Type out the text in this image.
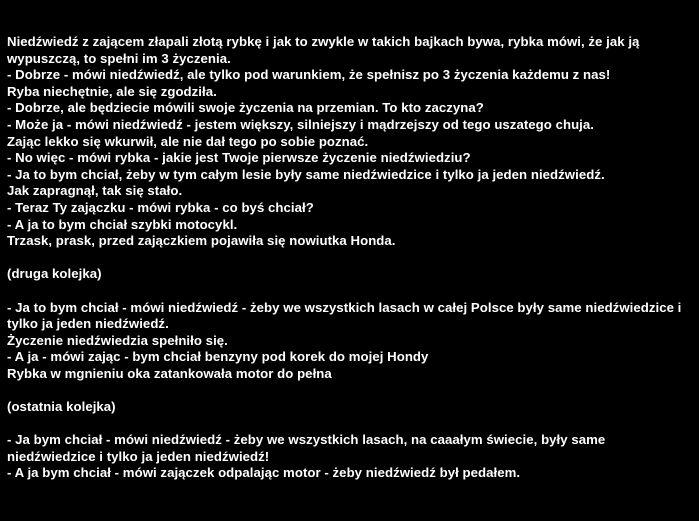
Niedźwiedź z zającem złapali złotą rybkę i jak to zwykle w takich bajkach bywa, rybka mówi, że jak ją wypuszczą, to spełni im 3 życzenia.
- Dobrze - mówi niedźwiedź, ale tylko pod warunkiem, że spełnisz po 3 życzenia każdemu z nas!
Ryba niechętnie, ale się zgodziła.
- Dobrze, ale będziecie mówili swoje życzenia na przemian. To kto zaczyna?
- Może ja - mówi niedźwiedź - jestem większy, silniejszy i mądrzejszy od tego uszatego chuja.
Zając lekko się wkurwił, ale nie dał tego po sobie poznać.
- No więc - mówi rybka - jakie jest Twoje pierwsze życzenie niedźwiedziu?
- Ja to bym chciał, żeby w tym całym lesie były same niedźwiedzice i tylko ja jeden niedźwiedź.
Jak zapragnął, tak się stało.
- Teraz Ty zajączku - mówi rybka - co byś chciał?
- A ja to bym chciał szybki motocykl.
Trzask, prask, przed zajączkiem pojawiła się nowiutka Honda.
(druga kolejka)
- Ja to bym chciał - mówi niedźwiedź - żeby we wszystkich lasach w całej Polsce były same niedźwiedzice i tylko ja jeden niedźwiedź.
Życzenie niedźwiedzia spełniło się.
- A ja - mówi zając - bym chciał benzyny pod korek do mojej Hondy
Rybka w mgnieniu oka zatankowała motor do pełna
(ostatnia kolejka)
- Ja bym chciał - mówi niedźwiedź - żeby we wszystkich lasach, na caaałym świecie, były same niedźwiedzice i tylko ja jeden niedźwiedź!
- A ja bym chciał - mówi zajączek odpalając motor - żeby niedźwiedź był pedałem.
